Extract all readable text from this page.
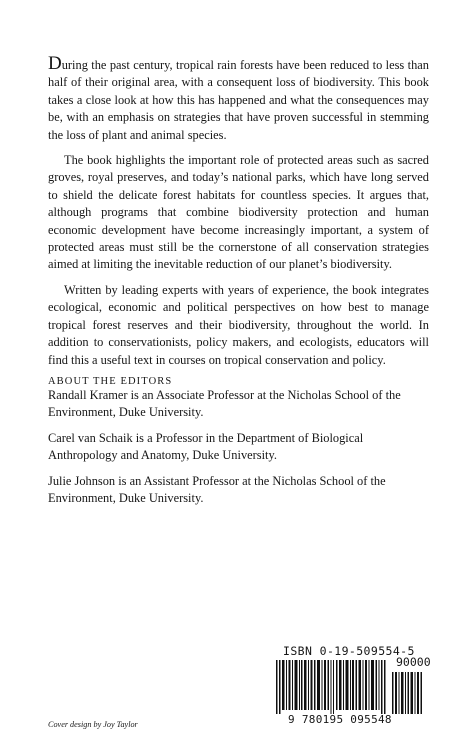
During the past century, tropical rain forests have been reduced to less than half of their original area, with a consequent loss of biodiversity. This book takes a close look at how this has happened and what the consequences may be, with an emphasis on strategies that have proven successful in stemming the loss of plant and animal species.

The book highlights the important role of protected areas such as sacred groves, royal preserves, and today’s national parks, which have long served to shield the delicate forest habitats for countless species. It argues that, although programs that combine biodiversity protection and human economic development have become increasingly important, a system of protected areas must still be the cornerstone of all conservation strategies aimed at limiting the inevitable reduction of our planet’s biodiversity.

Written by leading experts with years of experience, the book integrates ecological, economic and political perspectives on how best to manage tropical forest reserves and their biodiversity, throughout the world. In addition to conservationists, policy makers, and ecologists, educators will find this a useful text in courses on tropical conservation and policy.

ABOUT THE EDITORS

Randall Kramer is an Associate Professor at the Nicholas School of the Environment, Duke University.

Carel van Schaik is a Professor in the Department of Biological Anthropology and Anatomy, Duke University.

Julie Johnson is an Assistant Professor at the Nicholas School of the Environment, Duke University.

ISBN 0-19-509554-5
90000
9 780195 095548
Cover design by Joy Taylor
